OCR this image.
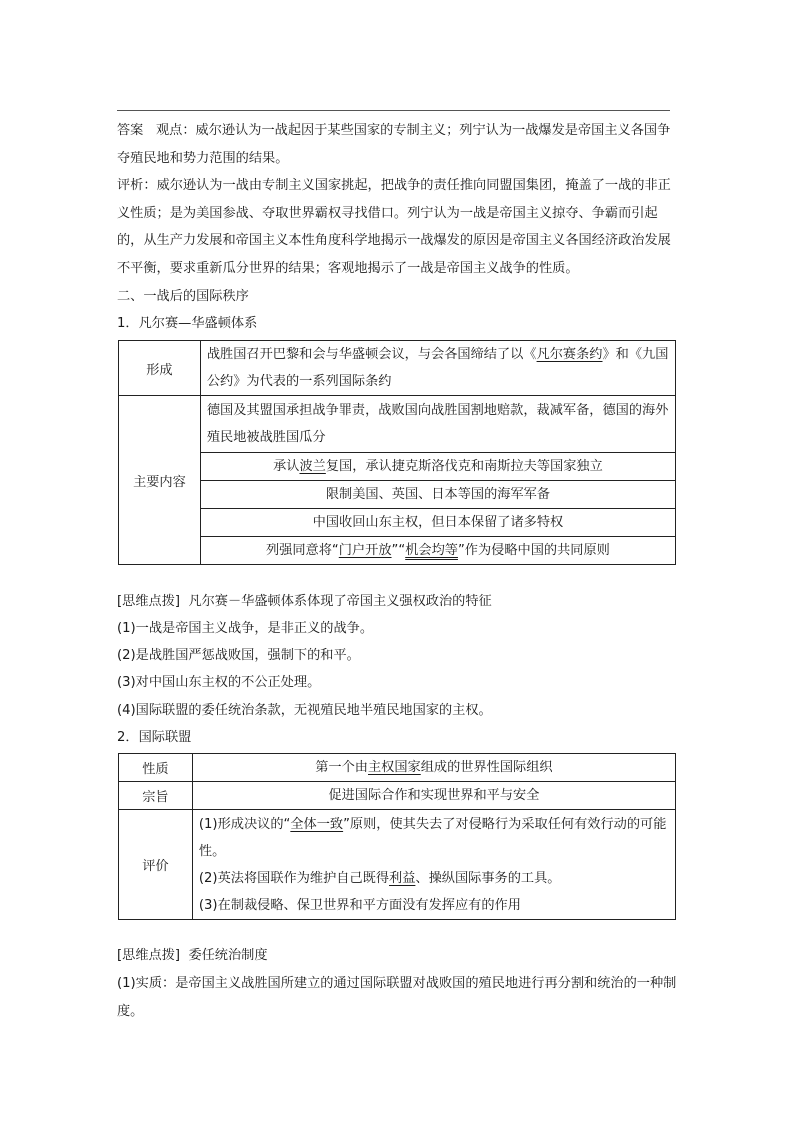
答案 观点：威尔逊认为一战起因于某些国家的专制主义；列宁认为一战爆发是帝国主义各国争夺殖民地和势力范围的结果。

评析：威尔逊认为一战由专制主义国家挑起，把战争的责任推向同盟国集团，掩盖了一战的非正义性质；是为美国参战、夺取世界霸权寻找借口。列宁认为一战是帝国主义掠夺、争霸而引起的，从生产力发展和帝国主义本性角度科学地揭示一战爆发的原因是帝国主义各国经济政治发展不平衡，要求重新瓜分世界的结果；客观地揭示了一战是帝国主义战争的性质。

二、一战后的国际秩序

1．凡尔赛—华盛顿体系

形成	战胜国召开巴黎和会与华盛顿会议，与会各国缔结了以《凡尔赛条约》和《九国公约》为代表的一系列国际条约
主要内容	德国及其盟国承担战争罪责，战败国向战胜国割地赔款，裁减军备，德国的海外殖民地被战胜国瓜分
	承认波兰复国，承认捷克斯洛伐克和南斯拉夫等国家独立
	限制美国、英国、日本等国的海军军备
	中国收回山东主权，但日本保留了诸多特权
	列强同意将“门户开放”“机会均等”作为侵略中国的共同原则

[思维点拨] 凡尔赛－华盛顿体系体现了帝国主义强权政治的特征

(1)一战是帝国主义战争，是非正义的战争。

(2)是战胜国严惩战败国，强制下的和平。

(3)对中国山东主权的不公正处理。

(4)国际联盟的委任统治条款，无视殖民地半殖民地国家的主权。

2．国际联盟

性质	第一个由主权国家组成的世界性国际组织
宗旨	促进国际合作和实现世界和平与安全
评价	(1)形成决议的“全体一致”原则，使其失去了对侵略行为采取任何有效行动的可能性。
(2)英法将国联作为维护自己既得利益、操纵国际事务的工具。
(3)在制裁侵略、保卫世界和平方面没有发挥应有的作用

[思维点拨] 委任统治制度

(1)实质：是帝国主义战胜国所建立的通过国际联盟对战败国的殖民地进行再分割和统治的一种制度。
